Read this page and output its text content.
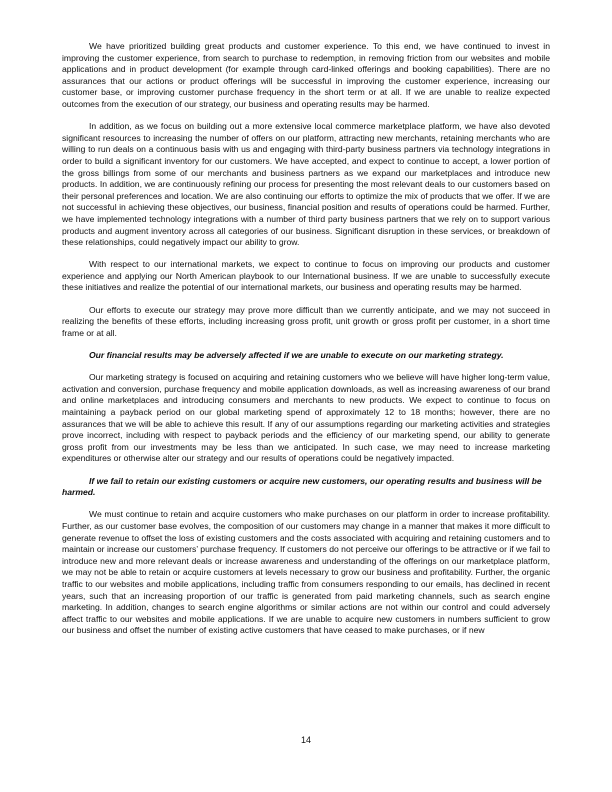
We have prioritized building great products and customer experience. To this end, we have continued to invest in improving the customer experience, from search to purchase to redemption, in removing friction from our websites and mobile applications and in product development (for example through card-linked offerings and booking capabilities). There are no assurances that our actions or product offerings will be successful in improving the customer experience, increasing our customer base, or improving customer purchase frequency in the short term or at all. If we are unable to realize expected outcomes from the execution of our strategy, our business and operating results may be harmed.

In addition, as we focus on building out a more extensive local commerce marketplace platform, we have also devoted significant resources to increasing the number of offers on our platform, attracting new merchants, retaining merchants who are willing to run deals on a continuous basis with us and engaging with third-party business partners via technology integrations in order to build a significant inventory for our customers. We have accepted, and expect to continue to accept, a lower portion of the gross billings from some of our merchants and business partners as we expand our marketplaces and introduce new products. In addition, we are continuously refining our process for presenting the most relevant deals to our customers based on their personal preferences and location. We are also continuing our efforts to optimize the mix of products that we offer. If we are not successful in achieving these objectives, our business, financial position and results of operations could be harmed. Further, we have implemented technology integrations with a number of third party business partners that we rely on to support various products and augment inventory across all categories of our business. Significant disruption in these services, or breakdown of these relationships, could negatively impact our ability to grow.

With respect to our international markets, we expect to continue to focus on improving our products and customer experience and applying our North American playbook to our International business. If we are unable to successfully execute these initiatives and realize the potential of our international markets, our business and operating results may be harmed.

Our efforts to execute our strategy may prove more difficult than we currently anticipate, and we may not succeed in realizing the benefits of these efforts, including increasing gross profit, unit growth or gross profit per customer, in a short time frame or at all.

Our financial results may be adversely affected if we are unable to execute on our marketing strategy.

Our marketing strategy is focused on acquiring and retaining customers who we believe will have higher long-term value, activation and conversion, purchase frequency and mobile application downloads, as well as increasing awareness of our brand and online marketplaces and introducing consumers and merchants to new products. We expect to continue to focus on maintaining a payback period on our global marketing spend of approximately 12 to 18 months; however, there are no assurances that we will be able to achieve this result. If any of our assumptions regarding our marketing activities and strategies prove incorrect, including with respect to payback periods and the efficiency of our marketing spend, our ability to generate gross profit from our investments may be less than we anticipated. In such case, we may need to increase marketing expenditures or otherwise alter our strategy and our results of operations could be negatively impacted.

If we fail to retain our existing customers or acquire new customers, our operating results and business will be harmed.

We must continue to retain and acquire customers who make purchases on our platform in order to increase profitability. Further, as our customer base evolves, the composition of our customers may change in a manner that makes it more difficult to generate revenue to offset the loss of existing customers and the costs associated with acquiring and retaining customers and to maintain or increase our customers’ purchase frequency. If customers do not perceive our offerings to be attractive or if we fail to introduce new and more relevant deals or increase awareness and understanding of the offerings on our marketplace platform, we may not be able to retain or acquire customers at levels necessary to grow our business and profitability. Further, the organic traffic to our websites and mobile applications, including traffic from consumers responding to our emails, has declined in recent years, such that an increasing proportion of our traffic is generated from paid marketing channels, such as search engine marketing. In addition, changes to search engine algorithms or similar actions are not within our control and could adversely affect traffic to our websites and mobile applications. If we are unable to acquire new customers in numbers sufficient to grow our business and offset the number of existing active customers that have ceased to make purchases, or if new

14
